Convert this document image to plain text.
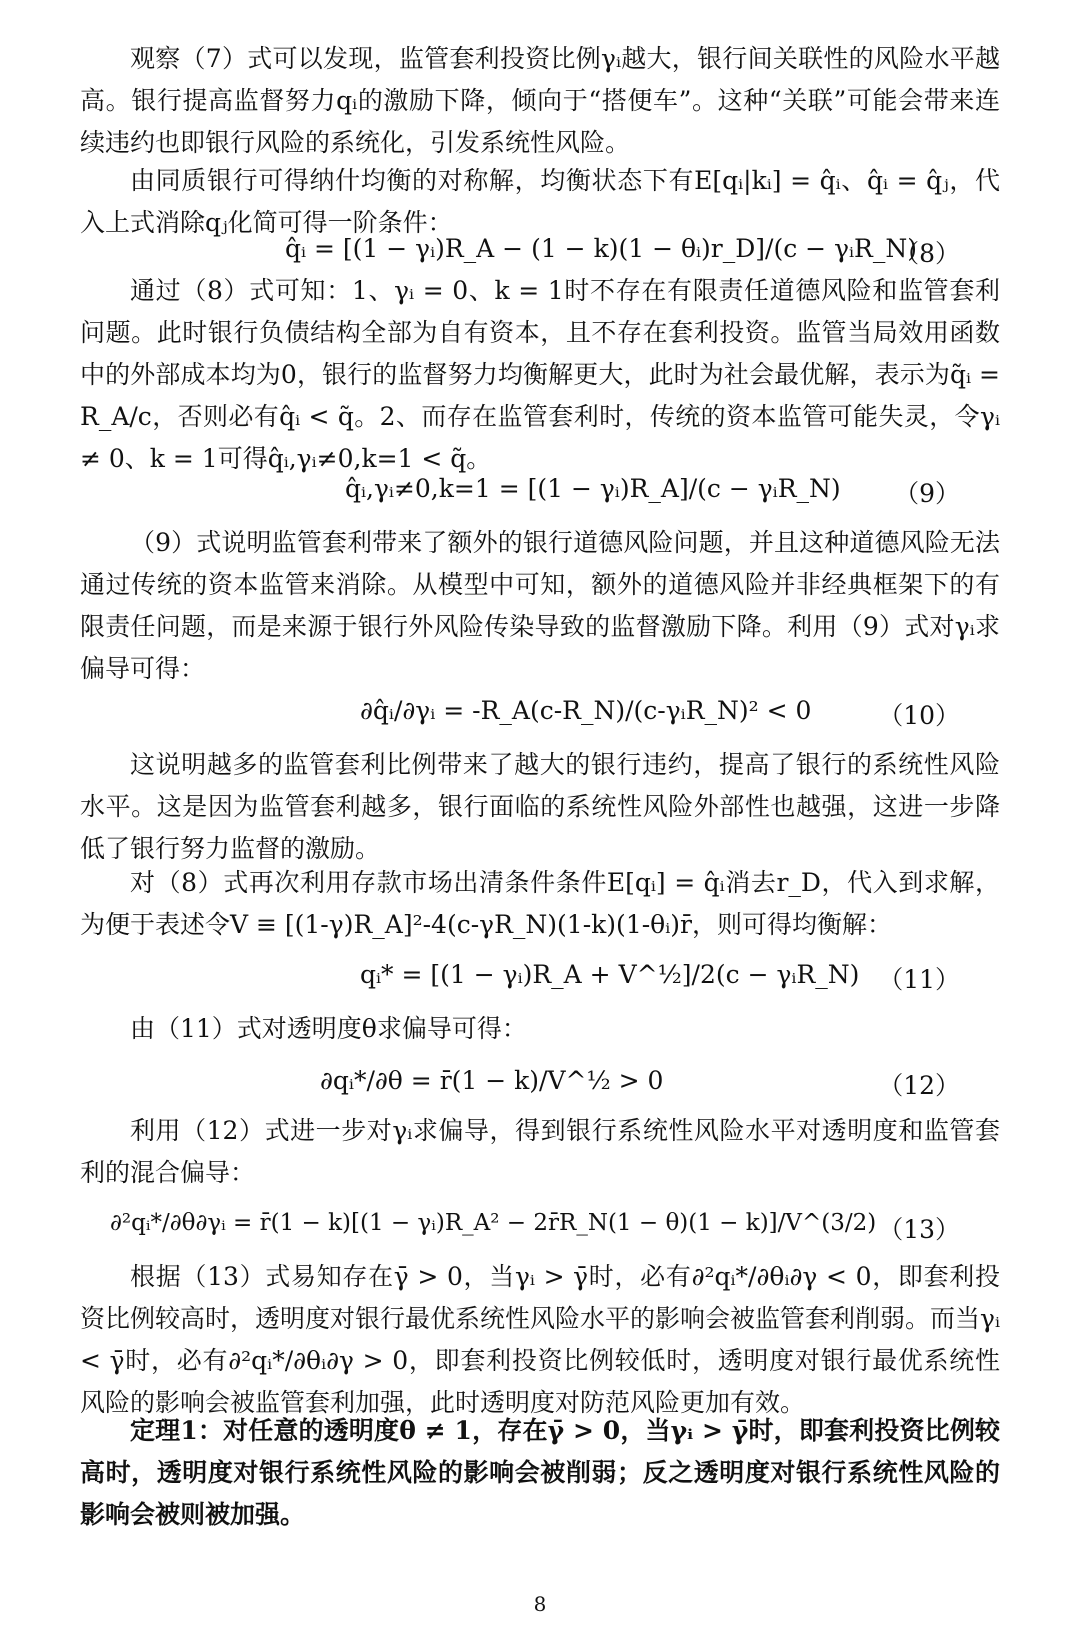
观察（7）式可以发现，监管套利投资比例γᵢ越大，银行间关联性的风险水平越高。银行提高监督努力qᵢ的激励下降，倾向于“搭便车”。这种“关联”可能会带来连续违约也即银行风险的系统化，引发系统性风险。
由同质银行可得纳什均衡的对称解，均衡状态下有E[qᵢ|kᵢ] = q̂ᵢ、q̂ᵢ = q̂ⱼ，代入上式消除qⱼ化简可得一阶条件：
q̂ᵢ = [(1 − γᵢ)R_A − (1 − k)(1 − θᵢ)r_D]/(c − γᵢR_N)
（8）
通过（8）式可知：1、γᵢ = 0、k = 1时不存在有限责任道德风险和监管套利问题。此时银行负债结构全部为自有资本，且不存在套利投资。监管当局效用函数中的外部成本均为0，银行的监督努力均衡解更大，此时为社会最优解，表示为q̃ᵢ = R_A/c，否则必有q̂ᵢ < q̃。2、而存在监管套利时，传统的资本监管可能失灵，令γᵢ ≠ 0、k = 1可得q̂ᵢ,γᵢ≠0,k=1 < q̃。
q̂ᵢ,γᵢ≠0,k=1 = [(1 − γᵢ)R_A]/(c − γᵢR_N) （9）
（9）式说明监管套利带来了额外的银行道德风险问题，并且这种道德风险无法通过传统的资本监管来消除。从模型中可知，额外的道德风险并非经典框架下的有限责任问题，而是来源于银行外风险传染导致的监督激励下降。利用（9）式对γᵢ求偏导可得：
∂q̂ᵢ/∂γᵢ = -R_A(c-R_N)/(c-γᵢR_N)² < 0	（10）
这说明越多的监管套利比例带来了越大的银行违约，提高了银行的系统性风险水平。这是因为监管套利越多，银行面临的系统性风险外部性也越强，这进一步降低了银行努力监督的激励。
对（8）式再次利用存款市场出清条件条件E[qᵢ] = q̂ᵢ消去r_D，代入到求解，为便于表述令V ≡ [(1-γ)R_A]²-4(c-γR_N)(1-k)(1-θᵢ)r̄，则可得均衡解：
qᵢ* = [(1 − γᵢ)R_A + V^½]/2(c − γᵢR_N) （11）
由（11）式对透明度θ求偏导可得：
∂qᵢ*/∂θ = r̄(1 − k)/V^½ > 0	（12）
利用（12）式进一步对γᵢ求偏导，得到银行系统性风险水平对透明度和监管套利的混合偏导：
∂²qᵢ*/∂θ∂γᵢ = r̄(1 − k)[(1 − γᵢ)R_A² − 2r̄R_N(1 − θ)(1 − k)]/V^(3/2) （13）
根据（13）式易知存在γ̄ > 0，当γᵢ > γ̄时，必有∂²qᵢ*/∂θᵢ∂γ < 0，即套利投资比例较高时，透明度对银行最优系统性风险水平的影响会被监管套利削弱。而当γᵢ < γ̄时，必有∂²qᵢ*/∂θᵢ∂γ > 0，即套利投资比例较低时，透明度对银行最优系统性风险的影响会被监管套利加强，此时透明度对防范风险更加有效。
定理1：对任意的透明度θ ≠ 1，存在γ̄ > 0，当γᵢ > γ̄时，即套利投资比例较高时，透明度对银行系统性风险的影响会被削弱；反之透明度对银行系统性风险的影响会被则被加强。
8
